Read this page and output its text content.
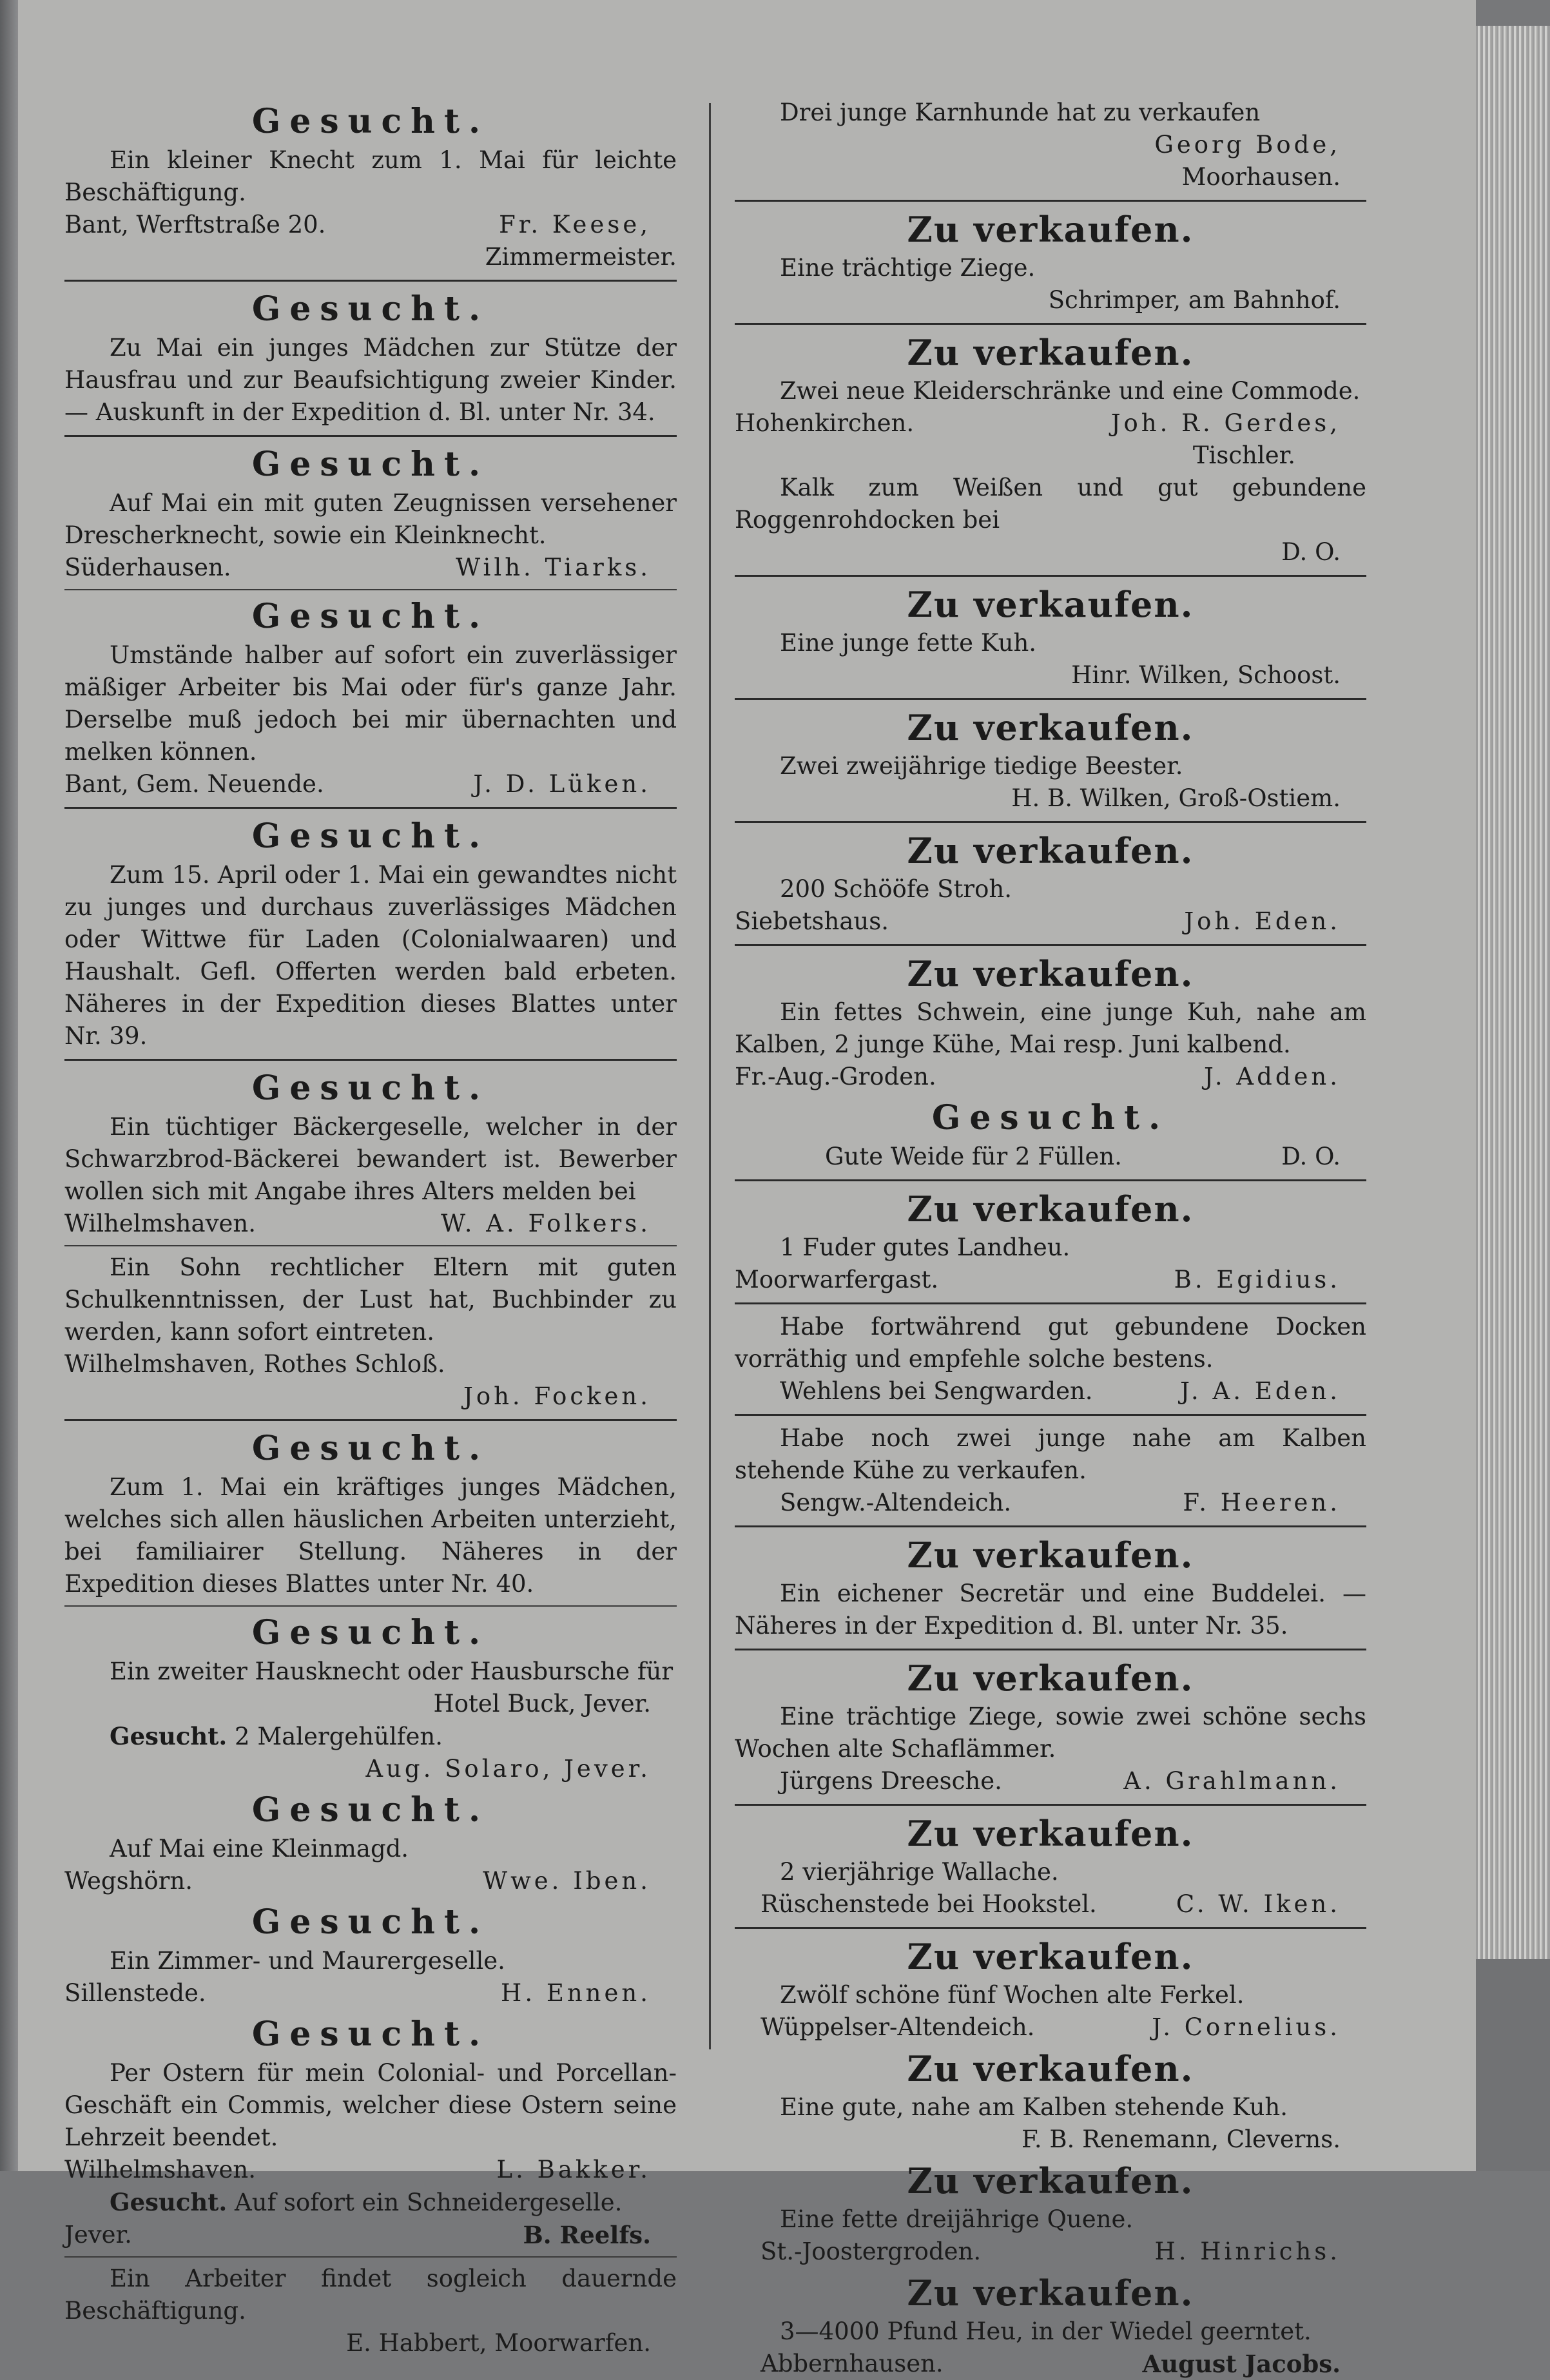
Gesucht.
Ein kleiner Knecht zum 1. Mai für leichte Beschäftigung.
Bant, Werftstraße 20.	Fr. Keese,
Zimmermeister.
Gesucht.
Zu Mai ein junges Mädchen zur Stütze der Hausfrau und zur Beaufsichtigung zweier Kinder. — Auskunft in der Expedition d. Bl. unter Nr. 34.
Gesucht.
Auf Mai ein mit guten Zeugnissen versehener Drescherknecht, sowie ein Kleinknecht.
Süderhausen.	Wilh. Tiarks.
Gesucht.
Umstände halber auf sofort ein zuverlässiger mäßiger Arbeiter bis Mai oder für's ganze Jahr. Derselbe muß jedoch bei mir übernachten und melken können.
Bant, Gem. Neuende.	J. D. Lüken.
Gesucht.
Zum 15. April oder 1. Mai ein gewandtes nicht zu junges und durchaus zuverlässiges Mädchen oder Wittwe für Laden (Colonialwaaren) und Haushalt. Gefl. Offerten werden bald erbeten. Näheres in der Expedition dieses Blattes unter Nr. 39.
Gesucht.
Ein tüchtiger Bäckergeselle, welcher in der Schwarzbrod-Bäckerei bewandert ist. Bewerber wollen sich mit Angabe ihres Alters melden bei
Wilhelmshaven.	W. A. Folkers.
Ein Sohn rechtlicher Eltern mit guten Schulkenntnissen, der Lust hat, Buchbinder zu werden, kann sofort eintreten.
Wilhelmshaven, Rothes Schloß.
Joh. Focken.
Gesucht.
Zum 1. Mai ein kräftiges junges Mädchen, welches sich allen häuslichen Arbeiten unterzieht, bei familiairer Stellung. Näheres in der Expedition dieses Blattes unter Nr. 40.
Gesucht.
Ein zweiter Hausknecht oder Hausbursche für
Hotel Buck, Jever.
Gesucht. 2 Malergehülfen.
Aug. Solaro, Jever.
Gesucht.
Auf Mai eine Kleinmagd.
Wegshörn.	Wwe. Iben.
Gesucht.
Ein Zimmer- und Maurergeselle.
Sillenstede.	H. Ennen.
Gesucht.
Per Ostern für mein Colonial- und Porcellan-Geschäft ein Commis, welcher diese Ostern seine Lehrzeit beendet.
Wilhelmshaven.	L. Bakker.
Gesucht. Auf sofort ein Schneidergeselle.
Jever.	B. Reelfs.
Ein Arbeiter findet sogleich dauernde Beschäftigung.
E. Habbert, Moorwarfen.
Drei junge Karnhunde hat zu verkaufen
Georg Bode,
Moorhausen.
Zu verkaufen.
Eine trächtige Ziege.
Schrimper, am Bahnhof.
Zu verkaufen.
Zwei neue Kleiderschränke und eine Commode.
Hohenkirchen.	Joh. R. Gerdes,
Tischler.
Kalk zum Weißen und gut gebundene Roggenrohdocken bei
D. O.
Zu verkaufen.
Eine junge fette Kuh.
Hinr. Wilken, Schoost.
Zu verkaufen.
Zwei zweijährige tiedige Beester.
H. B. Wilken, Groß-Ostiem.
Zu verkaufen.
200 Schööfe Stroh.
Siebetshaus.	Joh. Eden.
Zu verkaufen.
Ein fettes Schwein, eine junge Kuh, nahe am Kalben, 2 junge Kühe, Mai resp. Juni kalbend.
Fr.-Aug.-Groden.	J. Adden.
Gesucht.
Gute Weide für 2 Füllen.	D. O.
Zu verkaufen.
1 Fuder gutes Landheu.
Moorwarfergast.	B. Egidius.
Habe fortwährend gut gebundene Docken vorräthig und empfehle solche bestens.
Wehlens bei Sengwarden.	J. A. Eden.
Habe noch zwei junge nahe am Kalben stehende Kühe zu verkaufen.
Sengw.-Altendeich.	F. Heeren.
Zu verkaufen.
Ein eichener Secretär und eine Buddelei. — Näheres in der Expedition d. Bl. unter Nr. 35.
Zu verkaufen.
Eine trächtige Ziege, sowie zwei schöne sechs Wochen alte Schaflämmer.
Jürgens Dreesche.	A. Grahlmann.
Zu verkaufen.
2 vierjährige Wallache.
Rüschenstede bei Hookstel.	C. W. Iken.
Zu verkaufen.
Zwölf schöne fünf Wochen alte Ferkel.
Wüppelser-Altendeich.	J. Cornelius.
Zu verkaufen.
Eine gute, nahe am Kalben stehende Kuh.
F. B. Renemann, Cleverns.
Zu verkaufen.
Eine fette dreijährige Quene.
St.-Joostergroden.	H. Hinrichs.
Zu verkaufen.
3—4000 Pfund Heu, in der Wiedel geerntet.
Abbernhausen.	August Jacobs.
